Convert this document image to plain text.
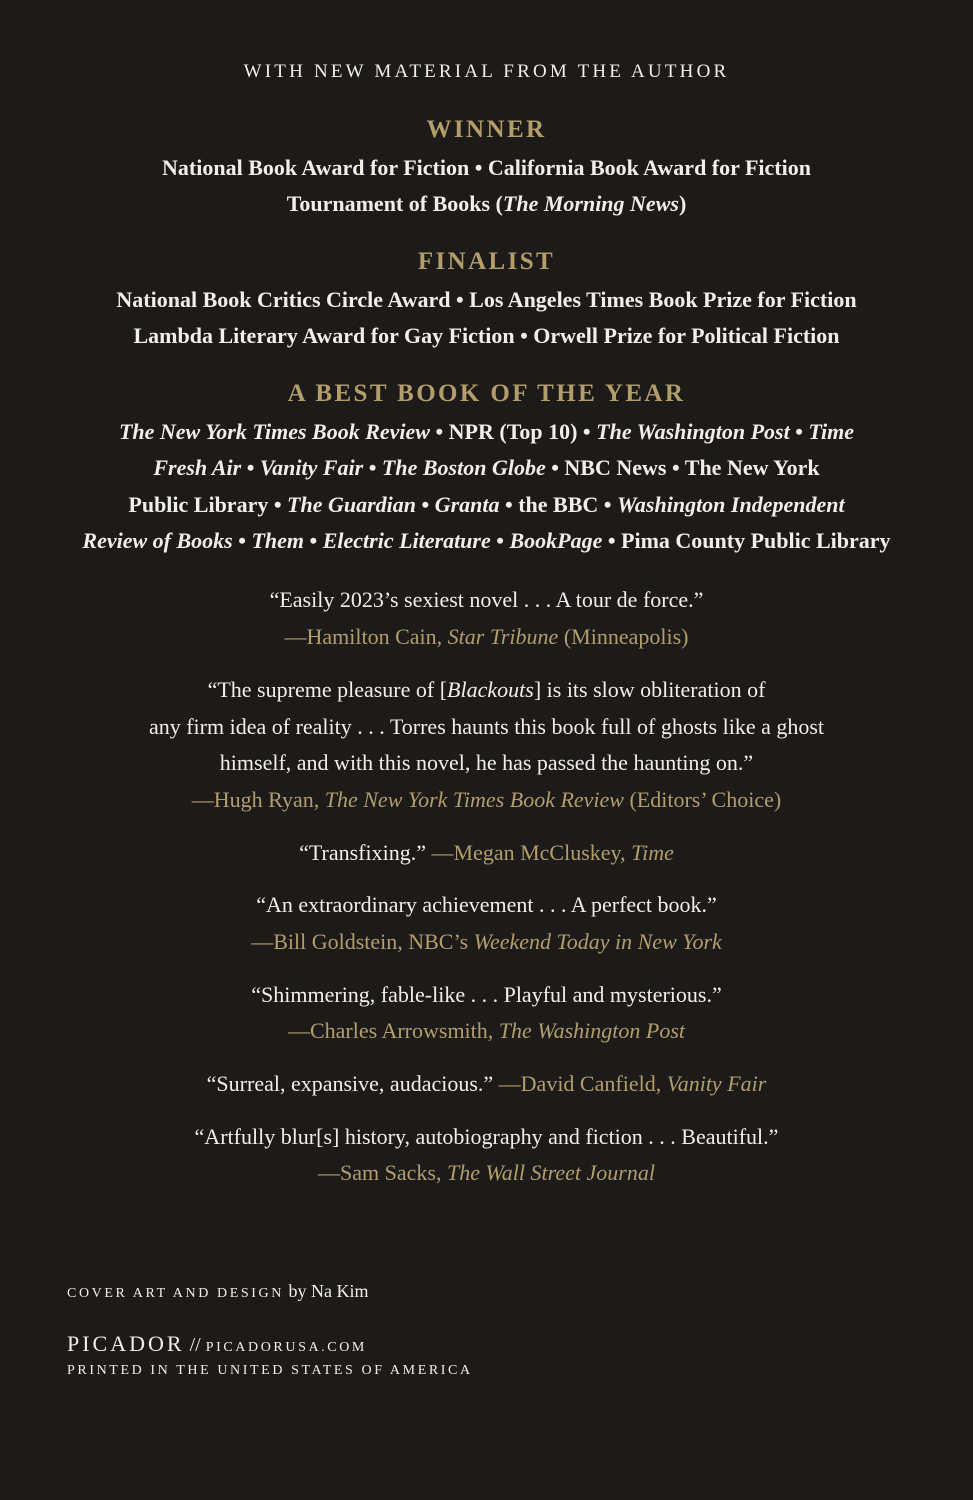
WITH NEW MATERIAL FROM THE AUTHOR
WINNER
National Book Award for Fiction • California Book Award for Fiction
Tournament of Books (The Morning News)
FINALIST
National Book Critics Circle Award • Los Angeles Times Book Prize for Fiction
Lambda Literary Award for Gay Fiction • Orwell Prize for Political Fiction
A BEST BOOK OF THE YEAR
The New York Times Book Review • NPR (Top 10) • The Washington Post • Time
Fresh Air • Vanity Fair • The Boston Globe • NBC News • The New York
Public Library • The Guardian • Granta • the BBC • Washington Independent
Review of Books • Them • Electric Literature • BookPage • Pima County Public Library
“Easily 2023’s sexiest novel . . . A tour de force.”
—Hamilton Cain, Star Tribune (Minneapolis)
“The supreme pleasure of [Blackouts] is its slow obliteration of
any firm idea of reality . . . Torres haunts this book full of ghosts like a ghost
himself, and with this novel, he has passed the haunting on.”
—Hugh Ryan, The New York Times Book Review (Editors’ Choice)
“Transfixing.” —Megan McCluskey, Time
“An extraordinary achievement . . . A perfect book.”
—Bill Goldstein, NBC’s Weekend Today in New York
“Shimmering, fable-like . . . Playful and mysterious.”
—Charles Arrowsmith, The Washington Post
“Surreal, expansive, audacious.” —David Canfield, Vanity Fair
“Artfully blur[s] history, autobiography and fiction . . . Beautiful.”
—Sam Sacks, The Wall Street Journal
COVER ART AND DESIGN by Na Kim
PICADOR // PICADORUSA.COM
PRINTED IN THE UNITED STATES OF AMERICA
